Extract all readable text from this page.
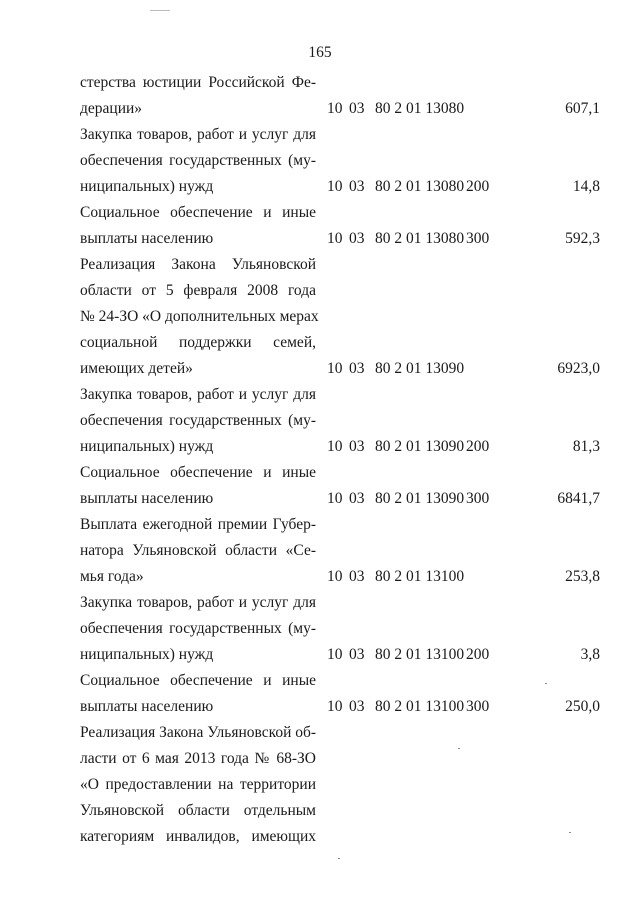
165
стерства юстиции Российской Фе-
дерации»	10 03 80 2 01 13080	607,1
Закупка товаров, работ и услуг для
обеспечения государственных (му-
ниципальных) нужд	10 03 80 2 01 13080 200	14,8
Социальное обеспечение и иные
выплаты населению	10 03 80 2 01 13080 300	592,3
Реализация Закона Ульяновской
области от 5 февраля 2008 года
№ 24-ЗО «О дополнительных мерах
социальной поддержки семей,
имеющих детей»	10 03 80 2 01 13090	6923,0
Закупка товаров, работ и услуг для
обеспечения государственных (му-
ниципальных) нужд	10 03 80 2 01 13090 200	81,3
Социальное обеспечение и иные
выплаты населению	10 03 80 2 01 13090 300	6841,7
Выплата ежегодной премии Губер-
натора Ульяновской области «Се-
мья года»	10 03 80 2 01 13100	253,8
Закупка товаров, работ и услуг для
обеспечения государственных (му-
ниципальных) нужд	10 03 80 2 01 13100 200	3,8
Социальное обеспечение и иные
выплаты населению	10 03 80 2 01 13100 300	250,0
Реализация Закона Ульяновской об-
ласти от 6 мая 2013 года № 68-ЗО
«О предоставлении на территории
Ульяновской области отдельным
категориям инвалидов, имеющих
